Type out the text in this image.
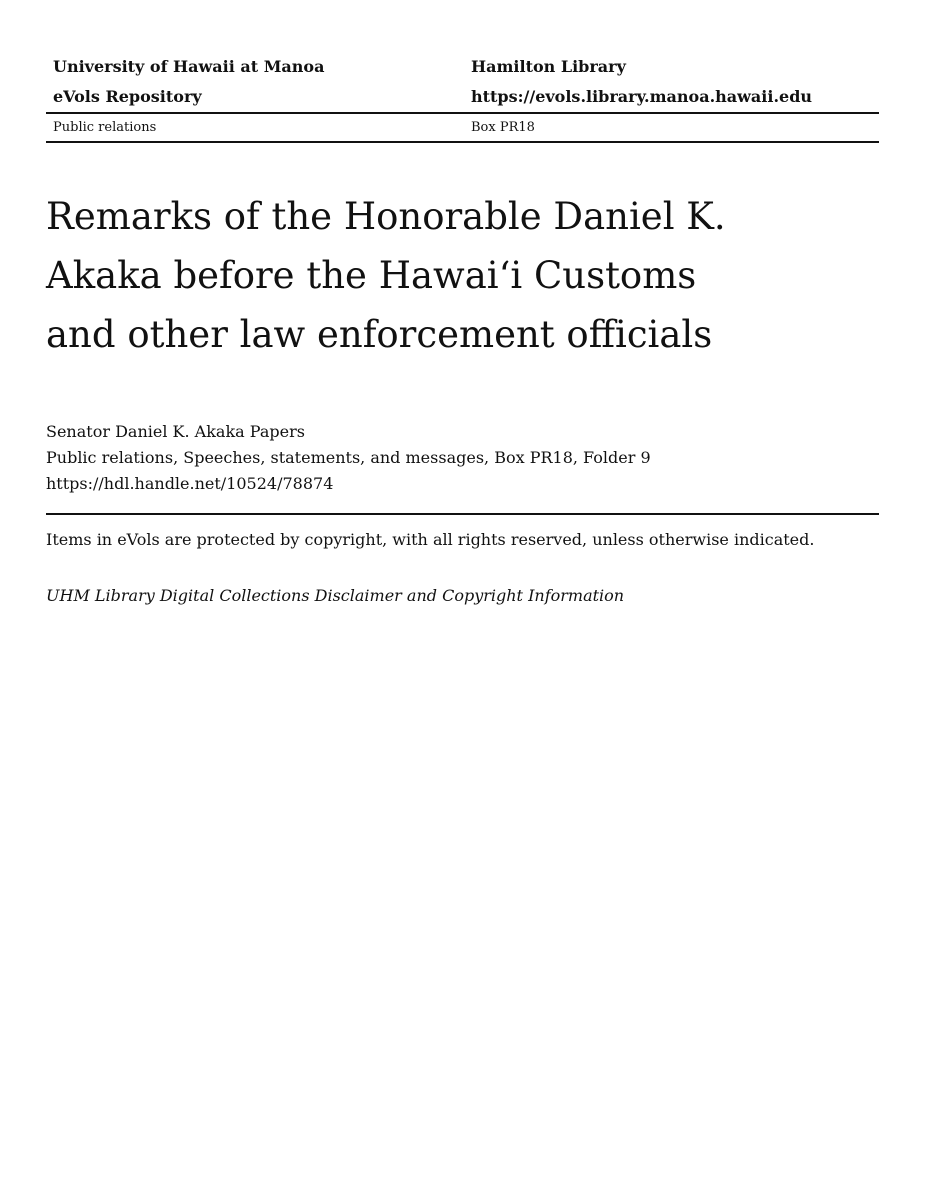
University of Hawaii at Manoa	Hamilton Library
eVols Repository	https://evols.library.manoa.hawaii.edu
Public relations	Box PR18
Remarks of the Honorable Daniel K.
Akaka before the Hawaiʻi Customs
and other law enforcement officials
Senator Daniel K. Akaka Papers
Public relations, Speeches, statements, and messages, Box PR18, Folder 9
https://hdl.handle.net/10524/78874
Items in eVols are protected by copyright, with all rights reserved, unless otherwise indicated.
UHM Library Digital Collections Disclaimer and Copyright Information
